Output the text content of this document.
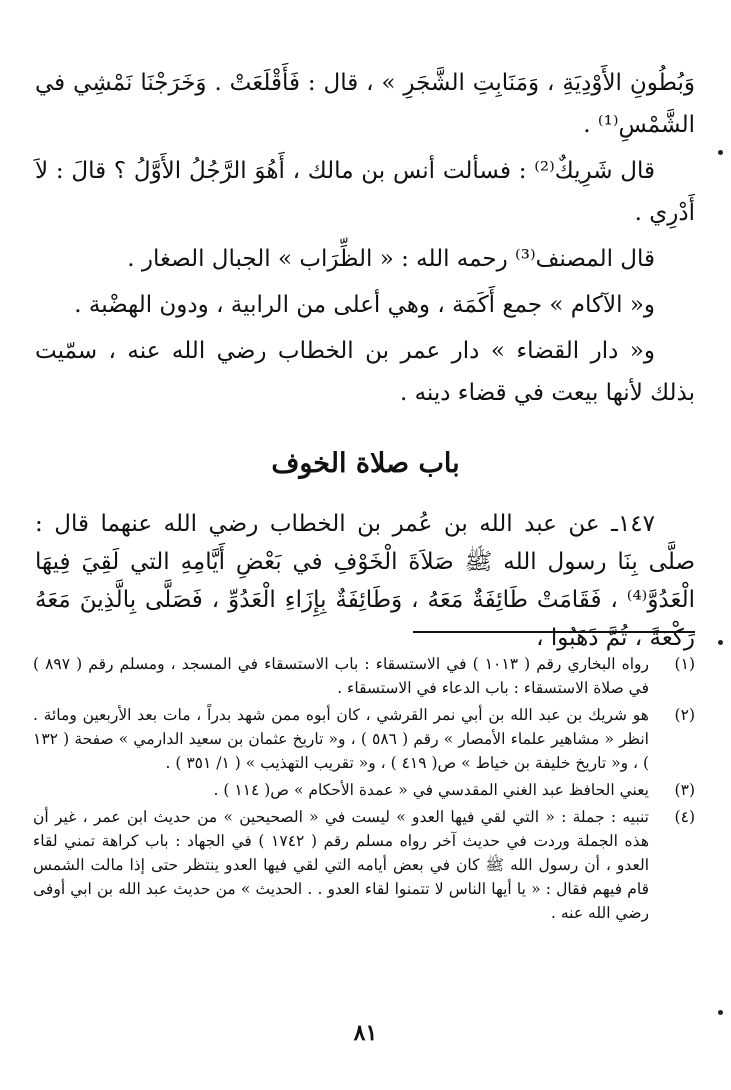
وَبُطُونِ الأَوْدِيَةِ ، وَمَنَابِتِ الشَّجَرِ » ، قال : فَأَقْلَعَتْ . وَخَرَجْنَا نَمْشِي في الشَّمْسِ⁽¹⁾ .

قال شَرِيكٌ⁽²⁾ : فسألت أنس بن مالك ، أَهُوَ الرَّجُلُ الأَوَّلُ ؟ قالَ : لاَ أَدْرِي .

قال المصنف⁽³⁾ رحمه الله : « الظِّرَاب » الجبال الصغار .

و« الآكام » جمع أَكَمَة ، وهي أعلى من الرابية ، ودون الهضْبة .

و« دار القضاء » دار عمر بن الخطاب رضي الله عنه ، سمّيت بذلك لأنها بيعت في قضاء دينه .

باب صلاة الخوف

١٤٧ـ عن عبد الله بن عُمر بن الخطاب رضي الله عنهما قال : صلَّى بِنَا رسول الله ﷺ صَلاَةَ الْخَوْفِ في بَعْضِ أَيَّامِهِ التي لَقِيَ فِيهَا الْعَدُوَّ⁽⁴⁾ ، فَقَامَتْ طَائِفَةٌ مَعَهُ ، وَطَائِفَةٌ بِإِزَاءِ الْعَدُوِّ ، فَصَلَّى بِالَّذِينَ مَعَهُ رَكْعَةً ، ثُمَّ ذَهَبُوا ،

(١)
رواه البخاري رقم ( ١٠١٣ ) في الاستسقاء : باب الاستسقاء في المسجد ، ومسلم رقم ( ٨٩٧ ) في صلاة الاستسقاء : باب الدعاء في الاستسقاء .
(٢)
هو شريك بن عبد الله بن أبي نمر القرشي ، كان أبوه ممن شهد بدراً ، مات بعد الأربعين ومائة . انظر « مشاهير علماء الأمصار » رقم ( ٥٨٦ ) ، و« تاريخ عثمان بن سعيد الدارمي » صفحة ( ١٣٢ ) ، و« تاريخ خليفة بن خياط » ص( ٤١٩ ) ، و« تقريب التهذيب » ( ١/ ٣٥١ ) .
(٣)
يعني الحافظ عبد الغني المقدسي في « عمدة الأحكام » ص( ١١٤ ) .
(٤)
تنبيه : جملة : « التي لقي فيها العدو » ليست في « الصحيحين » من حديث ابن عمر ، غير أن هذه الجملة وردت في حديث آخر رواه مسلم رقم ( ١٧٤٢ ) في الجهاد : باب كراهة تمني لقاء العدو ، أن رسول الله ﷺ كان في بعض أيامه التي لقي فيها العدو ينتظر حتى إذا مالت الشمس قام فيهم فقال : « يا أيها الناس لا تتمنوا لقاء العدو . . الحديث » من حديث عبد الله بن ابي أوفى رضي الله عنه .
٨١
